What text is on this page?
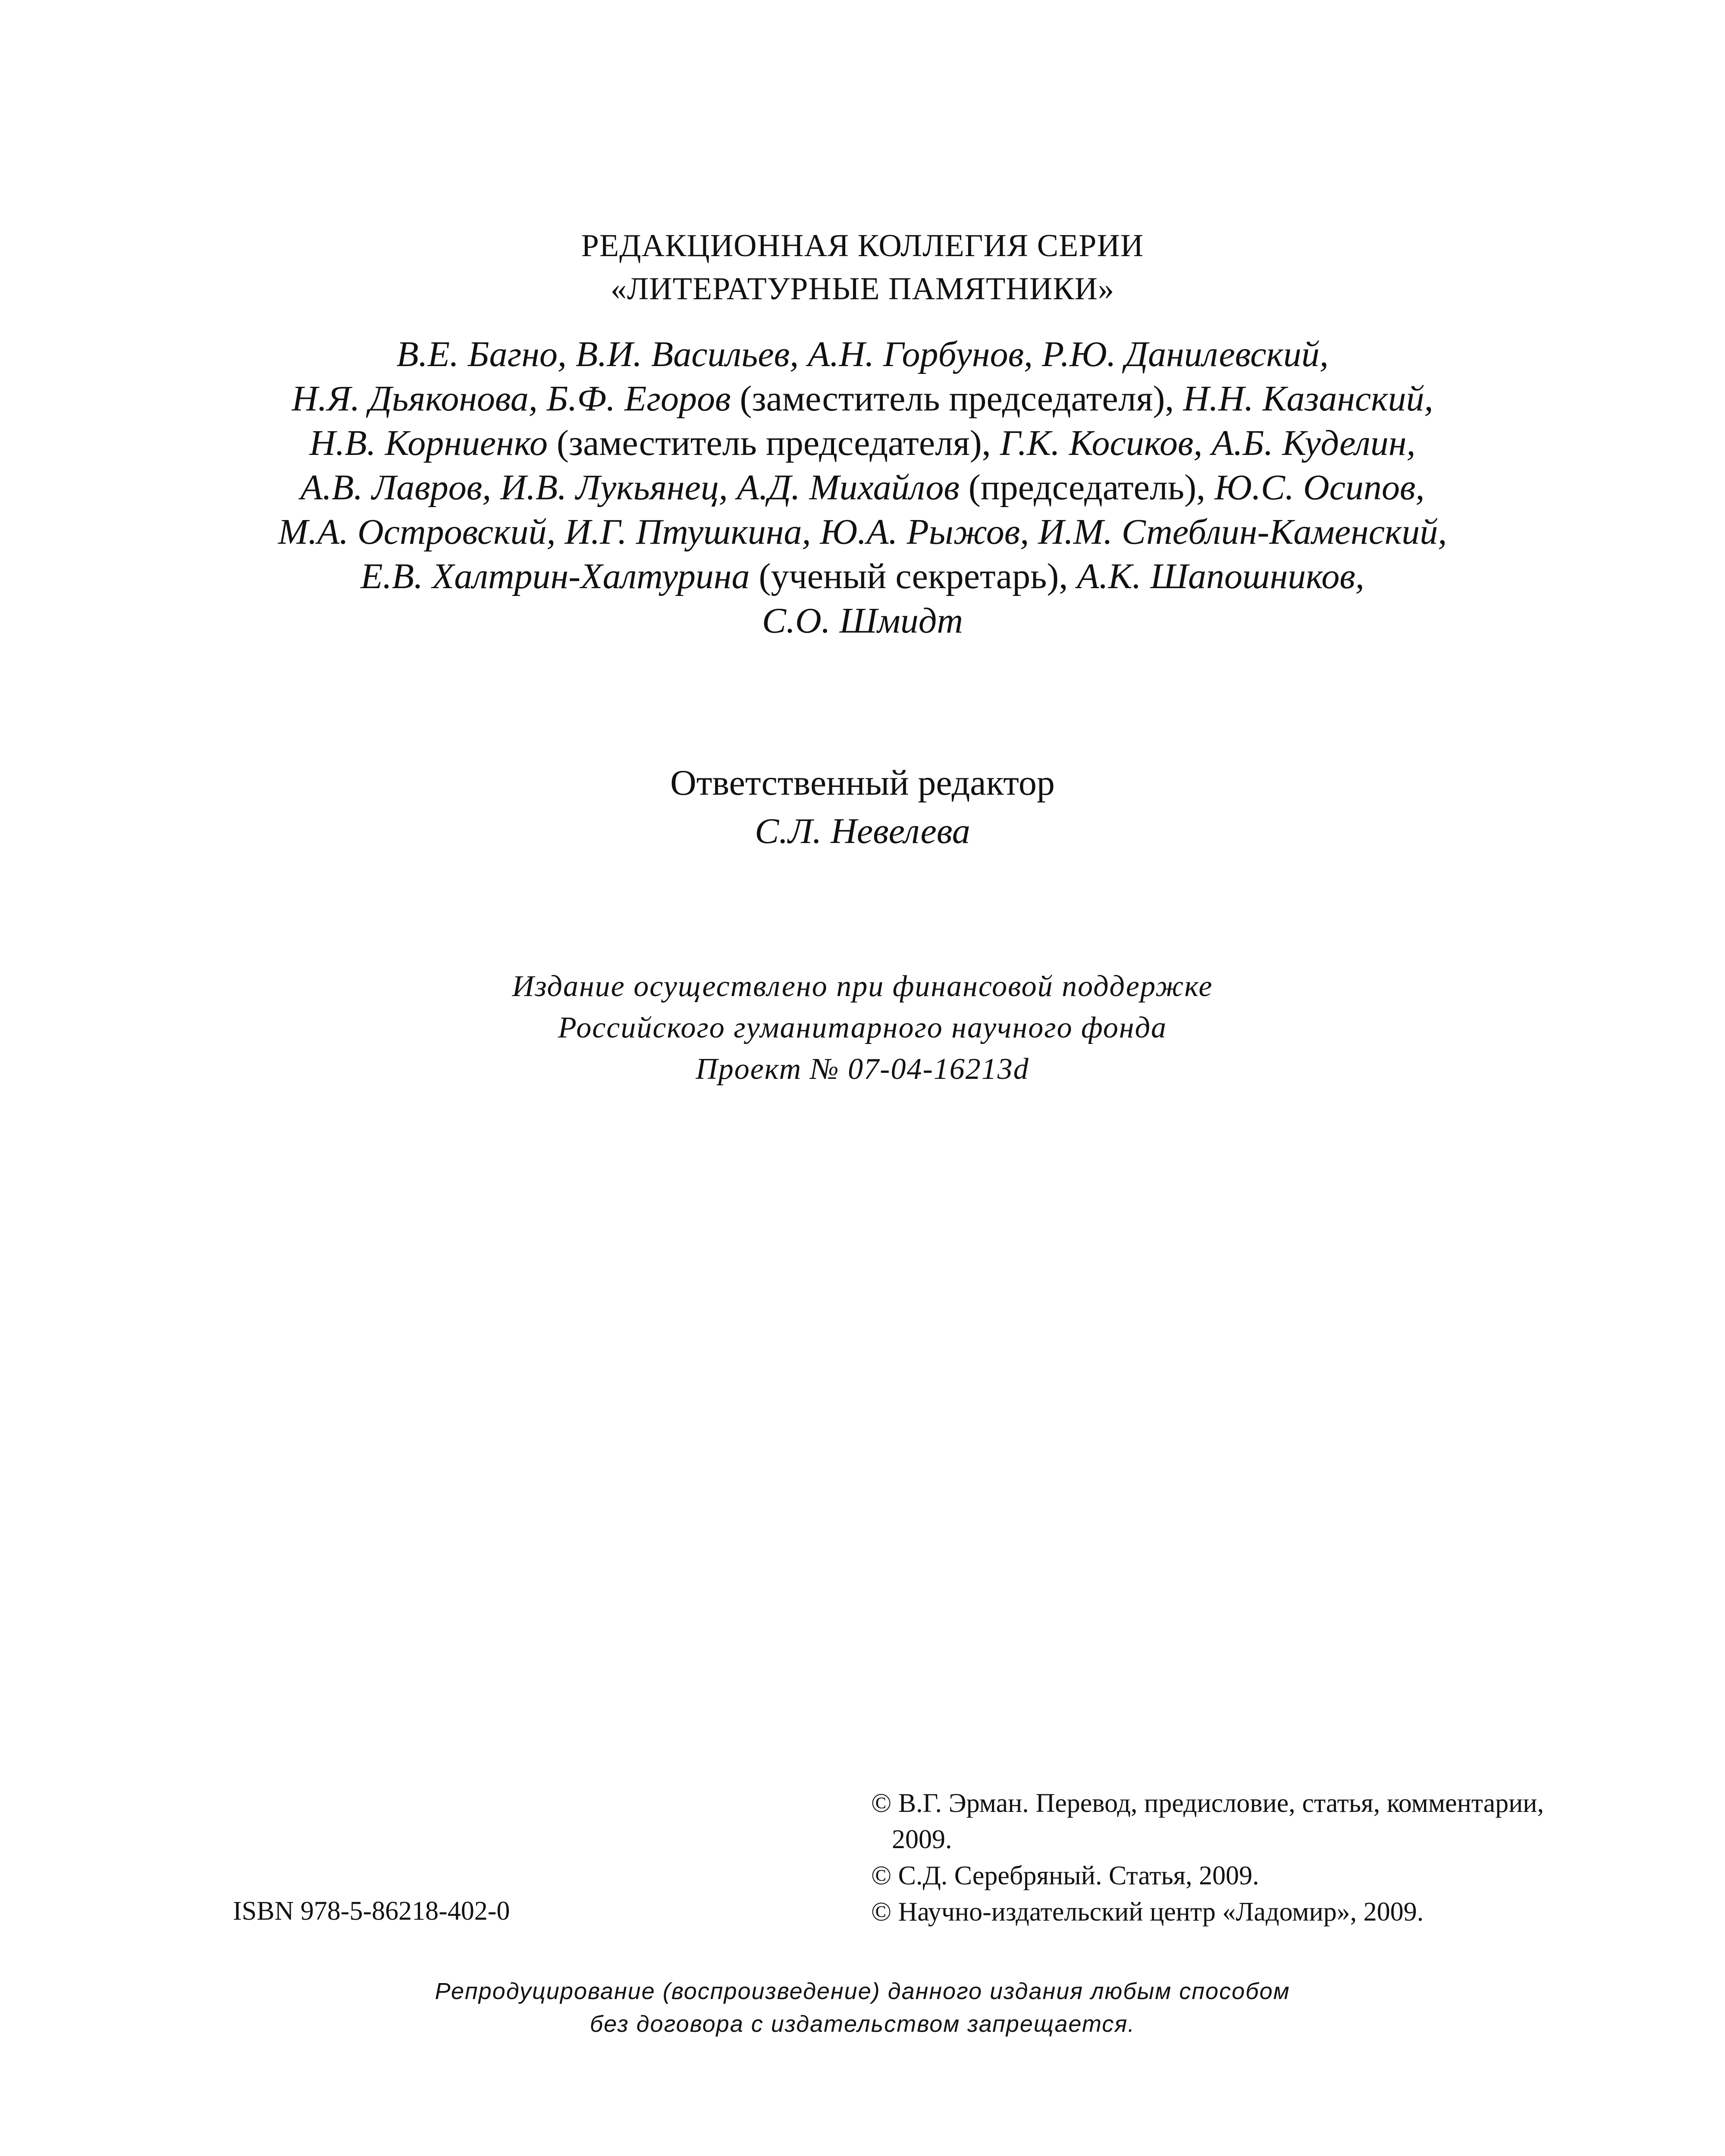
РЕДАКЦИОННАЯ КОЛЛЕГИЯ СЕРИИ
«ЛИТЕРАТУРНЫЕ ПАМЯТНИКИ»
В.Е. Багно, В.И. Васильев, А.Н. Горбунов, Р.Ю. Данилевский,
Н.Я. Дьяконова, Б.Ф. Егоров (заместитель председателя), Н.Н. Казанский,
Н.В. Корниенко (заместитель председателя), Г.К. Косиков, А.Б. Куделин,
А.В. Лавров, И.В. Лукьянец, А.Д. Михайлов (председатель), Ю.С. Осипов,
М.А. Островский, И.Г. Птушкина, Ю.А. Рыжов, И.М. Стеблин-Каменский,
Е.В. Халтрин-Халтурина (ученый секретарь), А.К. Шапошников,
С.О. Шмидт
Ответственный редактор
С.Л. Невелева
Издание осуществлено при финансовой поддержке
Российского гуманитарного научного фонда
Проект № 07-04-16213d
© В.Г. Эрман. Перевод, предисловие, статья, комментарии, 2009.
© С.Д. Серебряный. Статья, 2009.
© Научно-издательский центр «Ладомир», 2009.
ISBN 978-5-86218-402-0
Репродуцирование (воспроизведение) данного издания любым способом
без договора с издательством запрещается.
